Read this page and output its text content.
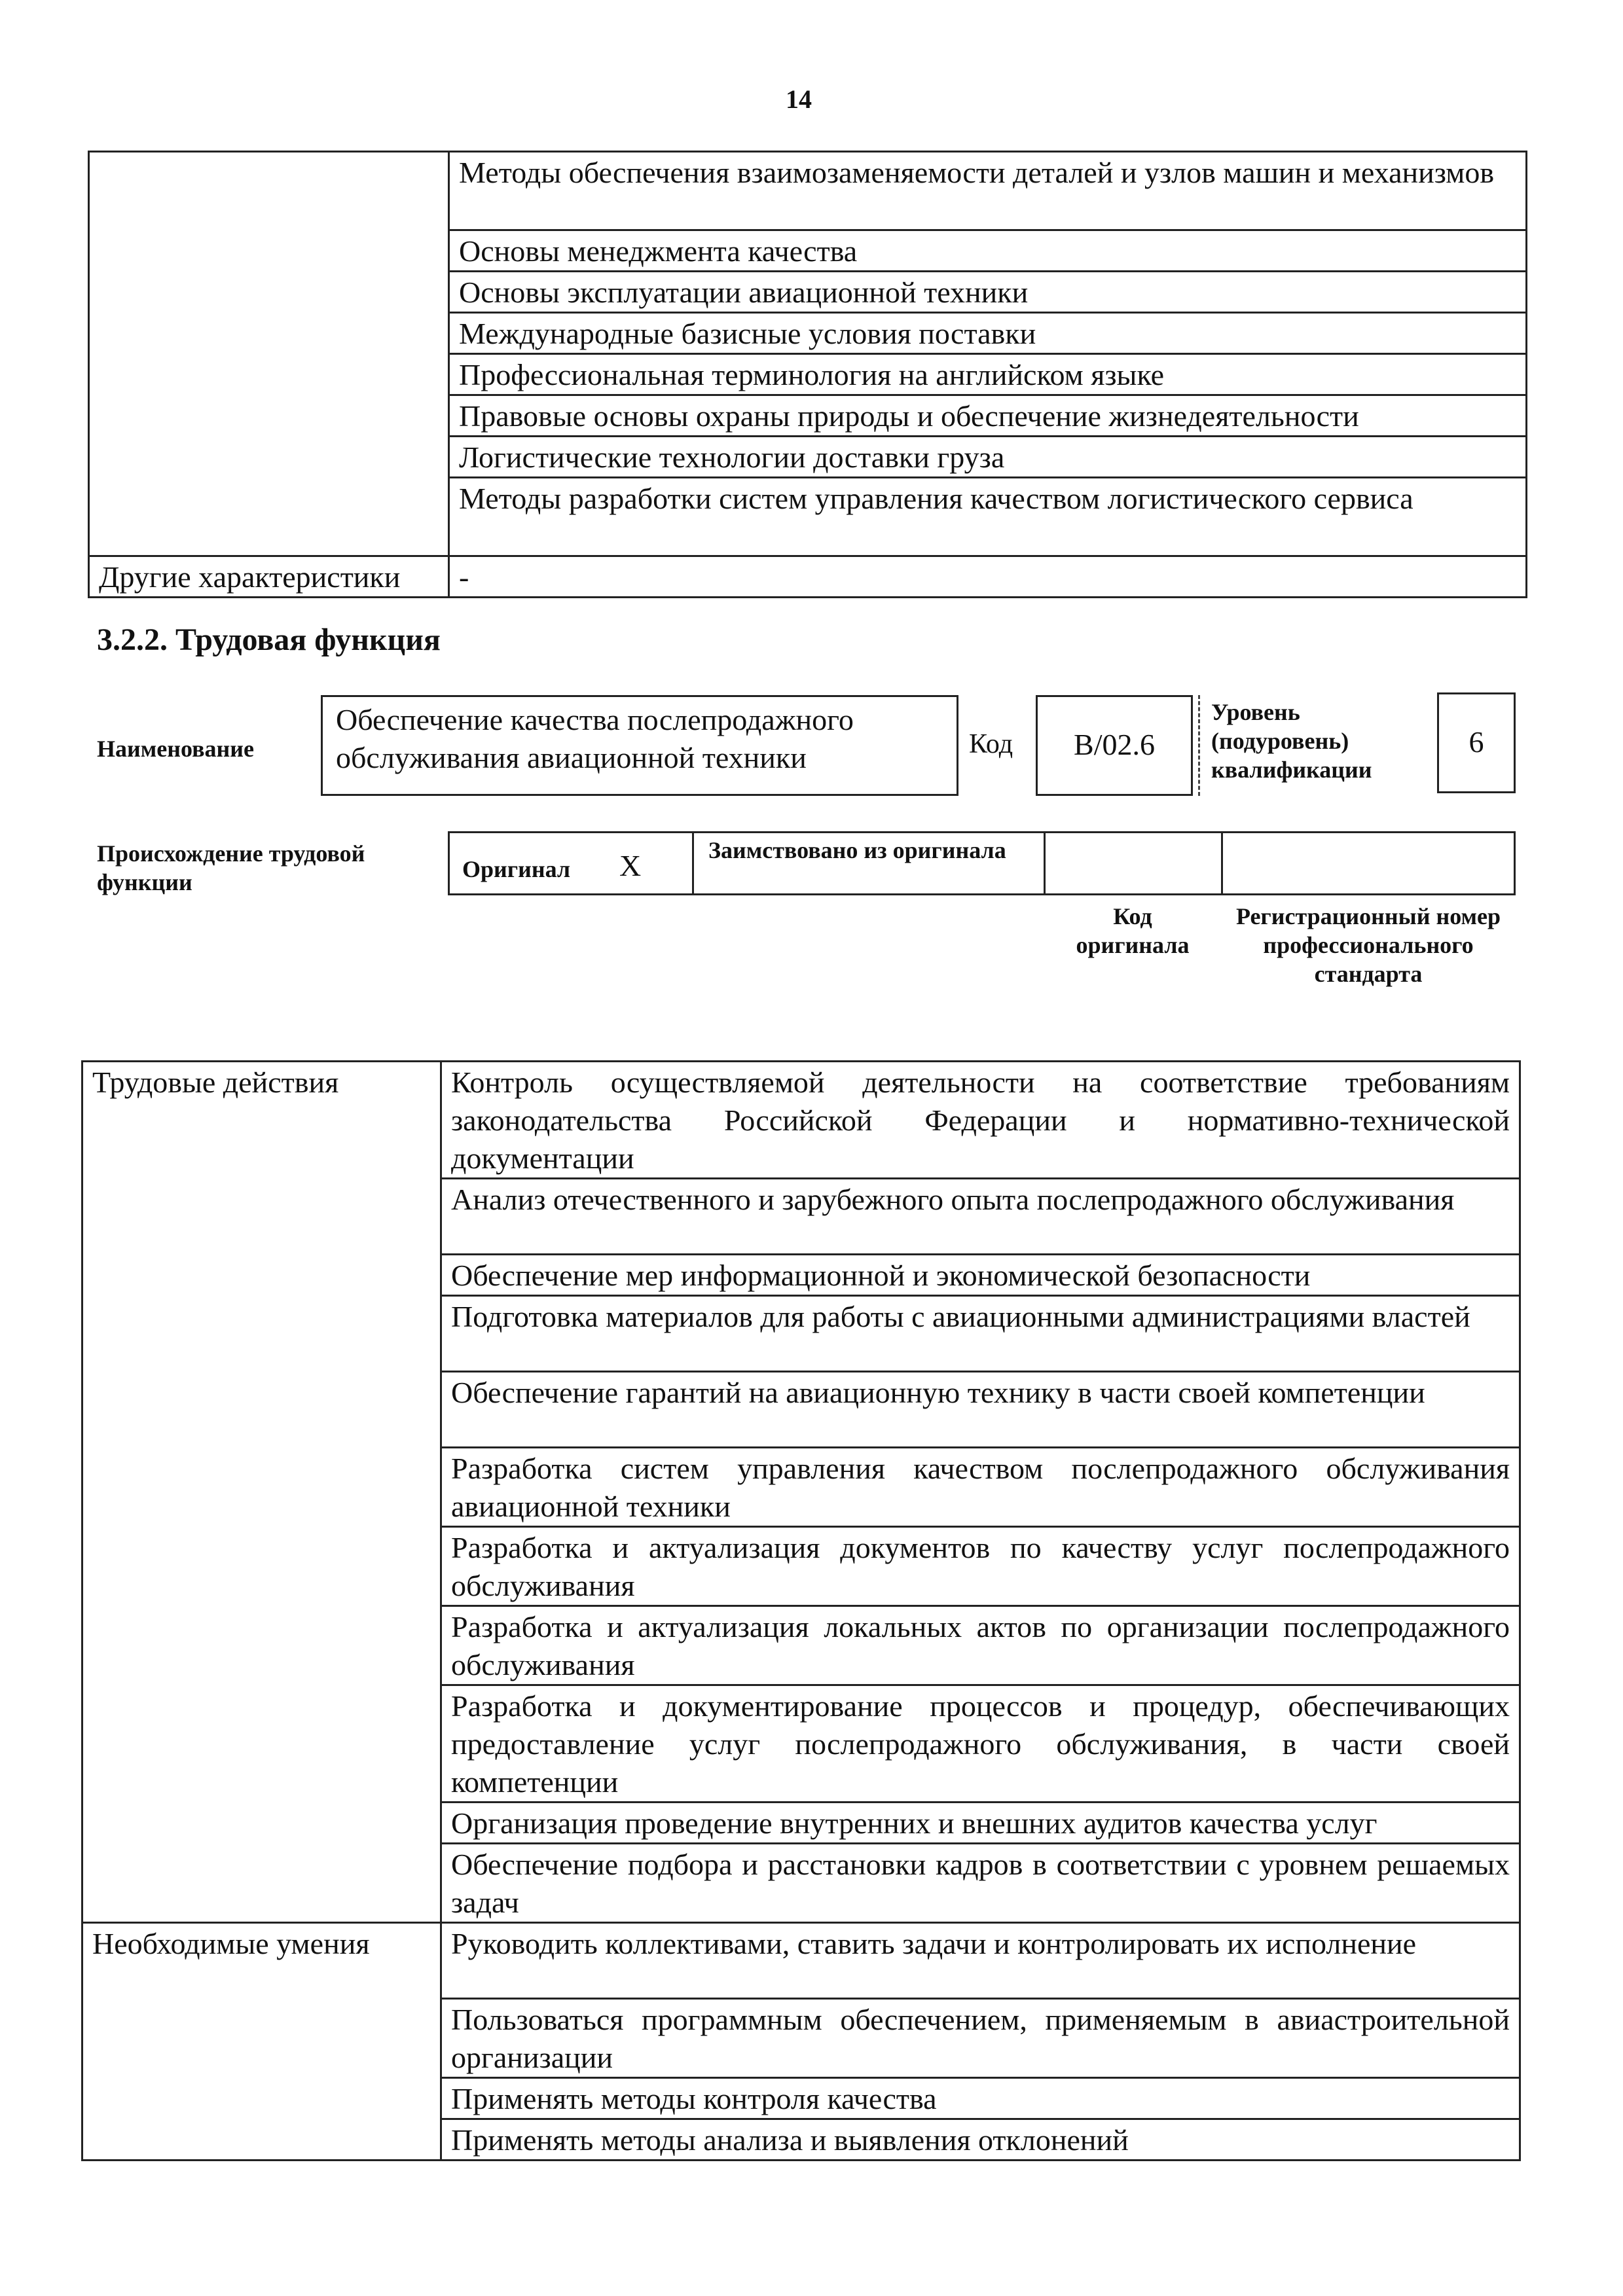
14
	Методы обеспечения взаимозаменяемости деталей и узлов машин и механизмов
	Основы менеджмента качества
	Основы эксплуатации авиационной техники
	Международные базисные условия поставки
	Профессиональная терминология на английском языке
	Правовые основы охраны природы и обеспечение жизнедеятельности
	Логистические технологии доставки груза
	Методы разработки систем управления качеством логистического сервиса
Другие характеристики	-
3.2.2. Трудовая функция
Наименование
Обеспечение качества послепродажного обслуживания авиационной техники	Код	B/02.6
Уровень (подуровень) квалификации
6
Происхождение трудовой функции	Оригинал X	Заимствовано из оригинала
Код оригинала
Регистрационный номер профессионального стандарта
Трудовые действия	Контроль осуществляемой деятельности на соответствие требованиям законодательства Российской Федерации и нормативно-технической документации
	Анализ отечественного и зарубежного опыта послепродажного обслуживания
	Обеспечение мер информационной и экономической безопасности
	Подготовка материалов для работы с авиационными администрациями властей
	Обеспечение гарантий на авиационную технику в части своей компетенции
	Разработка систем управления качеством послепродажного обслуживания авиационной техники
	Разработка и актуализация документов по качеству услуг послепродажного обслуживания
	Разработка и актуализация локальных актов по организации послепродажного обслуживания
	Разработка и документирование процессов и процедур, обеспечивающих предоставление услуг послепродажного обслуживания, в части своей компетенции
	Организация проведение внутренних и внешних аудитов качества услуг
	Обеспечение подбора и расстановки кадров в соответствии с уровнем решаемых задач
Необходимые умения	Руководить коллективами, ставить задачи и контролировать их исполнение
	Пользоваться программным обеспечением, применяемым в авиастроительной организации
	Применять методы контроля качества
	Применять методы анализа и выявления отклонений
